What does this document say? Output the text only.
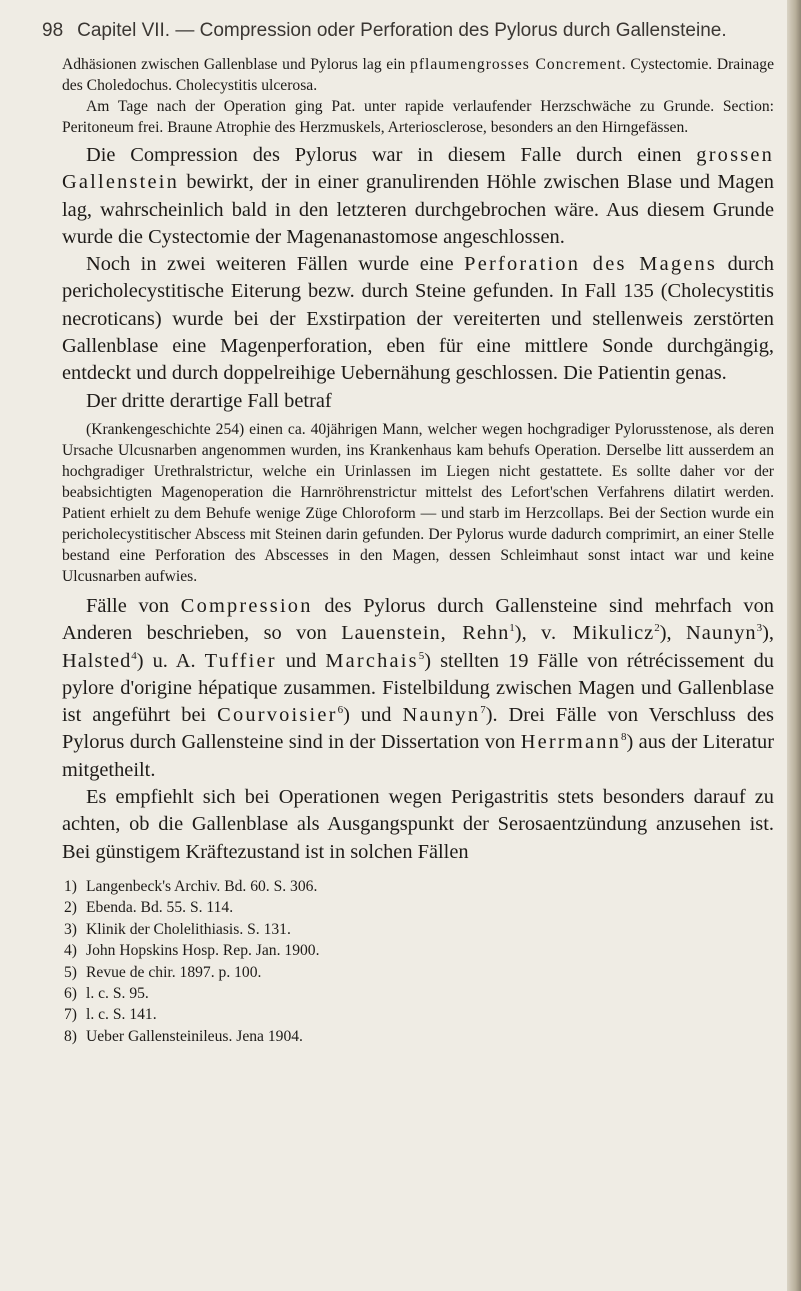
98 Capitel VII. — Compression oder Perforation des Pylorus durch Gallensteine.

Adhäsionen zwischen Gallenblase und Pylorus lag ein pflaumengrosses Concrement. Cystectomie. Drainage des Choledochus. Cholecystitis ulcerosa.

Am Tage nach der Operation ging Pat. unter rapide verlaufender Herzschwäche zu Grunde. Section: Peritoneum frei. Braune Atrophie des Herzmuskels, Arteriosclerose, besonders an den Hirngefässen.

Die Compression des Pylorus war in diesem Falle durch einen grossen Gallenstein bewirkt, der in einer granulirenden Höhle zwischen Blase und Magen lag, wahrscheinlich bald in den letzteren durchgebrochen wäre. Aus diesem Grunde wurde die Cystectomie der Magenanastomose angeschlossen.

Noch in zwei weiteren Fällen wurde eine Perforation des Magens durch pericholecystitische Eiterung bezw. durch Steine gefunden. In Fall 135 (Cholecystitis necroticans) wurde bei der Exstirpation der vereiterten und stellenweis zerstörten Gallenblase eine Magenperforation, eben für eine mittlere Sonde durchgängig, entdeckt und durch doppelreihige Uebernähung geschlossen. Die Patientin genas.

Der dritte derartige Fall betraf

(Krankengeschichte 254) einen ca. 40jährigen Mann, welcher wegen hochgradiger Pylorusstenose, als deren Ursache Ulcusnarben angenommen wurden, ins Krankenhaus kam behufs Operation. Derselbe litt ausserdem an hochgradiger Urethralstrictur, welche ein Urinlassen im Liegen nicht gestattete. Es sollte daher vor der beabsichtigten Magenoperation die Harnröhrenstrictur mittelst des Lefort'schen Verfahrens dilatirt werden. Patient erhielt zu dem Behufe wenige Züge Chloroform — und starb im Herzcollaps. Bei der Section wurde ein pericholecystitischer Abscess mit Steinen darin gefunden. Der Pylorus wurde dadurch comprimirt, an einer Stelle bestand eine Perforation des Abscesses in den Magen, dessen Schleimhaut sonst intact war und keine Ulcusnarben aufwies.

Fälle von Compression des Pylorus durch Gallensteine sind mehrfach von Anderen beschrieben, so von Lauenstein, Rehn$^1$), v. Mikulicz$^2$), Naunyn$^3$), Halsted$^4$) u. A. Tuffier und Marchais$^5$) stellten 19 Fälle von rétrécissement du pylore d'origine hépatique zusammen. Fistelbildung zwischen Magen und Gallenblase ist angeführt bei Courvoisier$^6$) und Naunyn$^7$). Drei Fälle von Verschluss des Pylorus durch Gallensteine sind in der Dissertation von Herrmann$^8$) aus der Literatur mitgetheilt.

Es empfiehlt sich bei Operationen wegen Perigastritis stets besonders darauf zu achten, ob die Gallenblase als Ausgangspunkt der Serosaentzündung anzusehen ist. Bei günstigem Kräftezustand ist in solchen Fällen

1) Langenbeck's Archiv. Bd. 60. S. 306.
2) Ebenda. Bd. 55. S. 114.
3) Klinik der Cholelithiasis. S. 131.
4) John Hopskins Hosp. Rep. Jan. 1900.
5) Revue de chir. 1897. p. 100.
6) l. c. S. 95.
7) l. c. S. 141.
8) Ueber Gallensteinileus. Jena 1904.
